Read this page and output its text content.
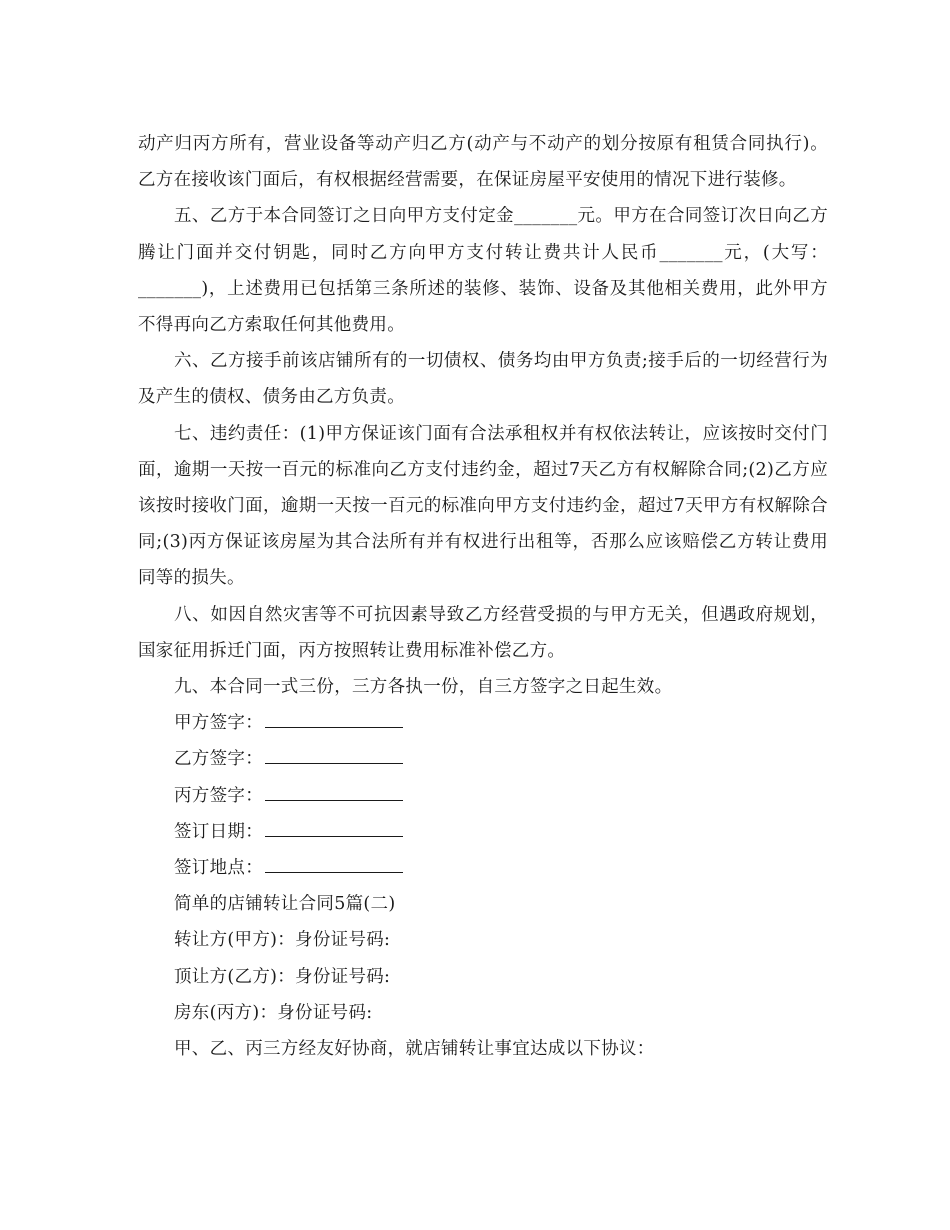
动产归丙方所有，营业设备等动产归乙方(动产与不动产的划分按原有租赁合同执行)。乙方在接收该门面后，有权根据经营需要，在保证房屋平安使用的情况下进行装修。

五、乙方于本合同签订之日向甲方支付定金_______元。甲方在合同签订次日向乙方腾让门面并交付钥匙，同时乙方向甲方支付转让费共计人民币_______元，(大写：_______)，上述费用已包括第三条所述的装修、装饰、设备及其他相关费用，此外甲方不得再向乙方索取任何其他费用。

六、乙方接手前该店铺所有的一切债权、债务均由甲方负责;接手后的一切经营行为及产生的债权、债务由乙方负责。

七、违约责任：(1)甲方保证该门面有合法承租权并有权依法转让，应该按时交付门面，逾期一天按一百元的标准向乙方支付违约金，超过7天乙方有权解除合同;(2)乙方应该按时接收门面，逾期一天按一百元的标准向甲方支付违约金，超过7天甲方有权解除合同;(3)丙方保证该房屋为其合法所有并有权进行出租等，否那么应该赔偿乙方转让费用同等的损失。

八、如因自然灾害等不可抗因素导致乙方经营受损的与甲方无关，但遇政府规划，国家征用拆迁门面，丙方按照转让费用标准补偿乙方。

九、本合同一式三份，三方各执一份，自三方签字之日起生效。

甲方签字：
乙方签字：
丙方签字：
签订日期：
签订地点：
简单的店铺转让合同5篇(二)
转让方(甲方)：身份证号码:
顶让方(乙方)：身份证号码:
房东(丙方)：身份证号码:
甲、乙、丙三方经友好协商，就店铺转让事宜达成以下协议：
